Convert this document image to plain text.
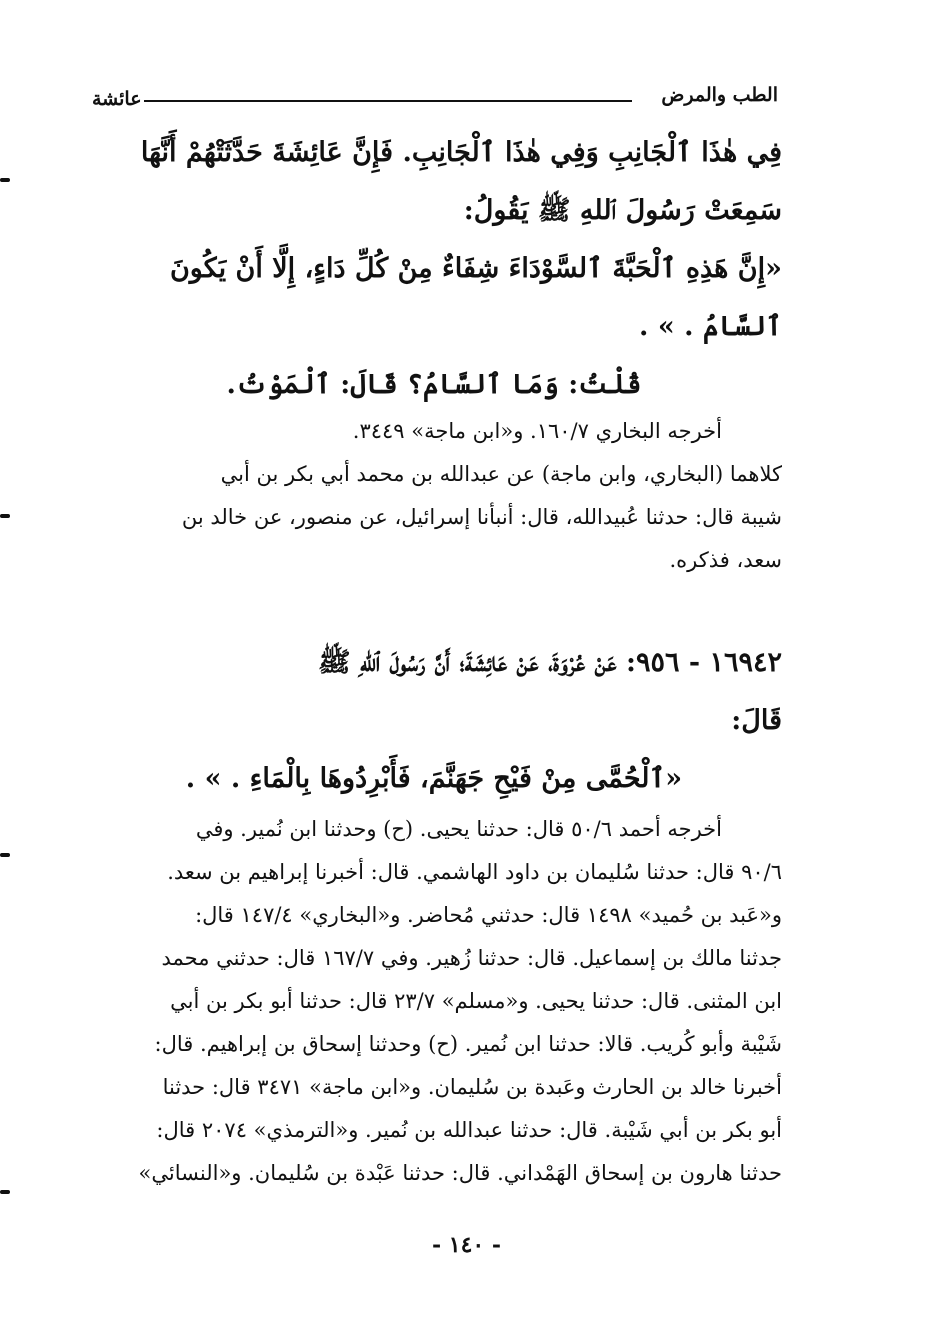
الطب والمرض
عائشة
فِي هٰذَا ٱلْجَانِبِ وَفِي هٰذَا ٱلْجَانِبِ. فَإِنَّ عَائِشَةَ حَدَّثَتْهُمْ أَنَّهَا
سَمِعَتْ رَسُولَ ٱللهِ ﷺ يَقُولُ:
«إِنَّ هَذِهِ ٱلْحَبَّةَ ٱلسَّوْدَاءَ شِفَاءٌ مِنْ كُلِّ دَاءٍ، إِلَّا أَنْ يَكُونَ
ٱلسَّامُ . » .
قُلْتُ: وَمَا ٱلسَّامُ؟ قَالَ: ٱلْمَوْتُ.
أخرجه البخاري ١٦٠/٧. و«ابن ماجة» ٣٤٤٩.
كلاهما (البخاري، وابن ماجة) عن عبدالله بن محمد أبي بكر بن أبي
شيبة قال: حدثنا عُبيدالله، قال: أنبأنا إسرائيل، عن منصور، عن خالد بن
سعد، فذكره.
١٦٩٤٢ - ٩٥٦: عَنْ عُرْوَةَ، عَنْ عَائِشَةَ؛ أَنَّ رَسُولَ ٱللهِ ﷺ
قَالَ:
«ٱلْحُمَّى مِنْ فَيْحِ جَهَنَّمَ، فَأَبْرِدُوهَا بِالْمَاءِ . » .
أخرجه أحمد ٥٠/٦ قال: حدثنا يحيى. (ح) وحدثنا ابن نُمير. وفي
٩٠/٦ قال: حدثنا سُليمان بن داود الهاشمي. قال: أخبرنا إبراهيم بن سعد.
و«عَبد بن حُميد» ١٤٩٨ قال: حدثني مُحاضر. و«البخاري» ١٤٧/٤ قال:
جدثنا مالك بن إسماعيل. قال: حدثنا زُهير. وفي ١٦٧/٧ قال: حدثني محمد
ابن المثنى. قال: حدثنا يحيى. و«مسلم» ٢٣/٧ قال: حدثنا أبو بكر بن أبي
شَيْبة وأبو كُريب. قالا: حدثنا ابن نُمير. (ح) وحدثنا إسحاق بن إبراهيم. قال:
أخبرنا خالد بن الحارث وعَبدة بن سُليمان. و«ابن ماجة» ٣٤٧١ قال: حدثنا
أبو بكر بن أبي شَيْبة. قال: حدثنا عبدالله بن نُمير. و«الترمذي» ٢٠٧٤ قال:
حدثنا هارون بن إسحاق الهَمْداني. قال: حدثنا عَبْدة بن سُليمان. و«النسائي»
- ١٤٠ -
